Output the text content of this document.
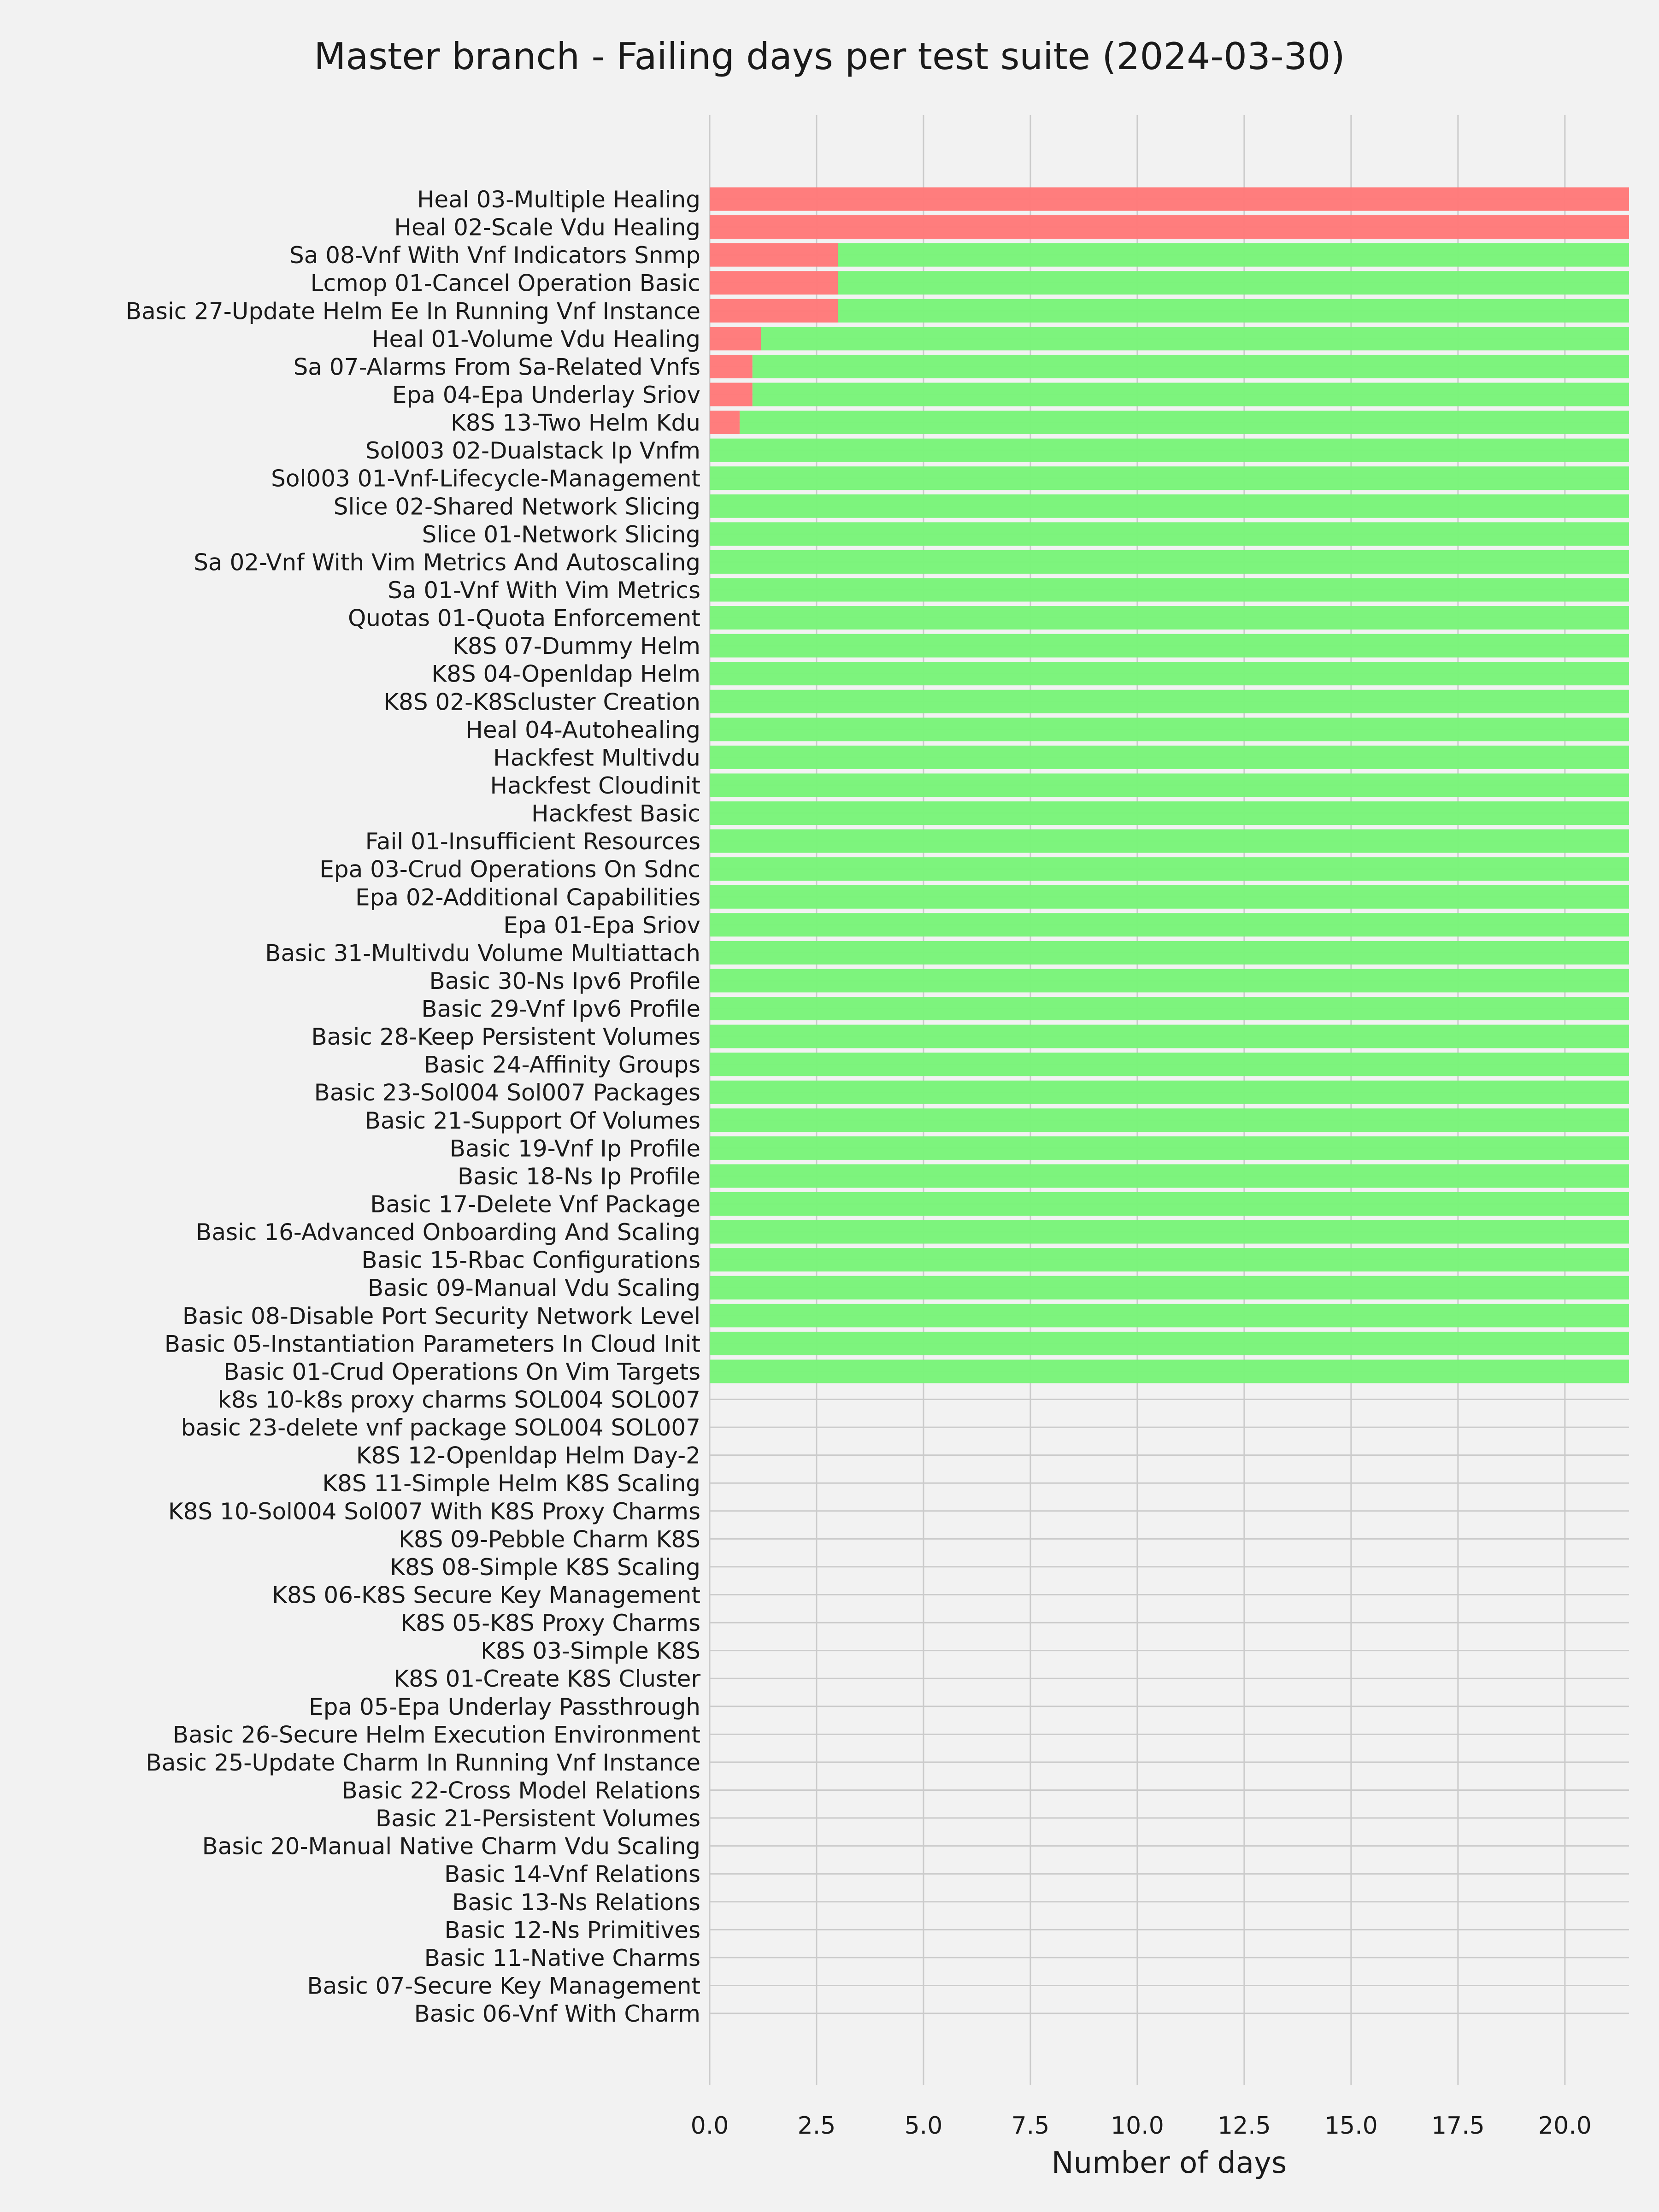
Heal 03-Multiple Healing
Heal 02-Scale Vdu Healing
Sa 08-Vnf With Vnf Indicators Snmp
Lcmop 01-Cancel Operation Basic
Basic 27-Update Helm Ee In Running Vnf Instance
Heal 01-Volume Vdu Healing
Sa 07-Alarms From Sa-Related Vnfs
Epa 04-Epa Underlay Sriov
K8S 13-Two Helm Kdu
Sol003 02-Dualstack Ip Vnfm
Sol003 01-Vnf-Lifecycle-Management
Slice 02-Shared Network Slicing
Slice 01-Network Slicing
Sa 02-Vnf With Vim Metrics And Autoscaling
Sa 01-Vnf With Vim Metrics
Quotas 01-Quota Enforcement
K8S 07-Dummy Helm
K8S 04-Openldap Helm
K8S 02-K8Scluster Creation
Heal 04-Autohealing
Hackfest Multivdu
Hackfest Cloudinit
Hackfest Basic
Fail 01-Insufficient Resources
Epa 03-Crud Operations On Sdnc
Epa 02-Additional Capabilities
Epa 01-Epa Sriov
Basic 31-Multivdu Volume Multiattach
Basic 30-Ns Ipv6 Profile
Basic 29-Vnf Ipv6 Profile
Basic 28-Keep Persistent Volumes
Basic 24-Affinity Groups
Basic 23-Sol004 Sol007 Packages
Basic 21-Support Of Volumes
Basic 19-Vnf Ip Profile
Basic 18-Ns Ip Profile
Basic 17-Delete Vnf Package
Basic 16-Advanced Onboarding And Scaling
Basic 15-Rbac Configurations
Basic 09-Manual Vdu Scaling
Basic 08-Disable Port Security Network Level
Basic 05-Instantiation Parameters In Cloud Init
Basic 01-Crud Operations On Vim Targets
k8s 10-k8s proxy charms SOL004 SOL007
basic 23-delete vnf package SOL004 SOL007
K8S 12-Openldap Helm Day-2
K8S 11-Simple Helm K8S Scaling
K8S 10-Sol004 Sol007 With K8S Proxy Charms
K8S 09-Pebble Charm K8S
K8S 08-Simple K8S Scaling
K8S 06-K8S Secure Key Management
K8S 05-K8S Proxy Charms
K8S 03-Simple K8S
K8S 01-Create K8S Cluster
Epa 05-Epa Underlay Passthrough
Basic 26-Secure Helm Execution Environment
Basic 25-Update Charm In Running Vnf Instance
Basic 22-Cross Model Relations
Basic 21-Persistent Volumes
Basic 20-Manual Native Charm Vdu Scaling
Basic 14-Vnf Relations
Basic 13-Ns Relations
Basic 12-Ns Primitives
Basic 11-Native Charms
Basic 07-Secure Key Management
Basic 06-Vnf With Charm
0.0	2.5	5.0	7.5	10.0 12.5 15.0 17.5 20.0
Master branch - Failing days per test suite (2024-03-30)
Number of days
